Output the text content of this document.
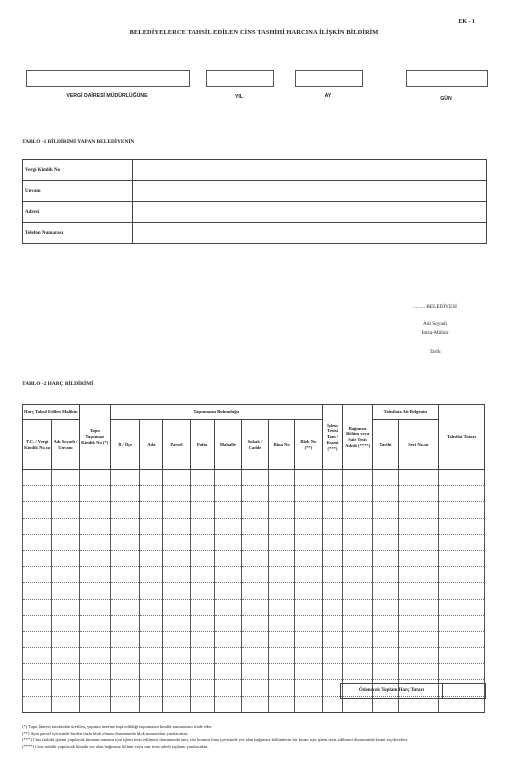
EK - 1
BELEDİYELERCE TAHSİL EDİLEN CİNS TASHİHİ HARCINA İLİŞKİN BİLDİRİM
VERGİ DAİRESİ MÜDÜRLÜĞÜNE	YIL	AY	GÜN
TABLO -1 BİLDİRİMİ YAPAN BELEDİYENİN
Vergi Kimlik No	
Unvanı	
Adresi	
Telefon Numarası	
......... BELEDİYESİ
Adı Soyadı
İmza-Mühür
Tarih
TABLO -2 HARÇ BİLDİRİMİ
Harç Tahsil Edilen Malikin		Tapu Taşınmaz Kimlik No (*)	Taşınmazın Bulunduğu								İşlem Tesisi Tam / Kısmi (***)	Bağımsız Bölüm veya Sair Tesis Adedi (****)	Tahsilata Ait Belgenin		Tahsilat Tutarı
T.C. / Vergi Kimlik No.su	Adı Soyadı / Unvanı		İl / İlçe	Ada	Parsel	Pafta	Mahalle	Sokak / Cadde	Bina No	Blok No (**)			Tarihi	Seri No.su	

Ödenecek Toplam Harç Tutarı
(*) Tapu İdaresi tarafından üretilen, yapının üzerine inşa edildiği taşınmazın kimlik numarasını ifade eder.
(**) Aynı parsel içerisinde birden fazla blok olması durumunda blok numaraları yazılacaktır.
(***) Cins tashihi işlemi yapılacak binanın tamamı için işlem tesis edilmesi durumunda tam, söz konusu bina içerisinde yer alan bağımsız bölümlerin bir kısmı için işlem tesis edilmesi durumunda kısmi seçilecektir.
(****) Cins tashihi yapılacak binada yer alan bağımsız bölüm veya sair tesis adedi toplamı yazılacaktır.
